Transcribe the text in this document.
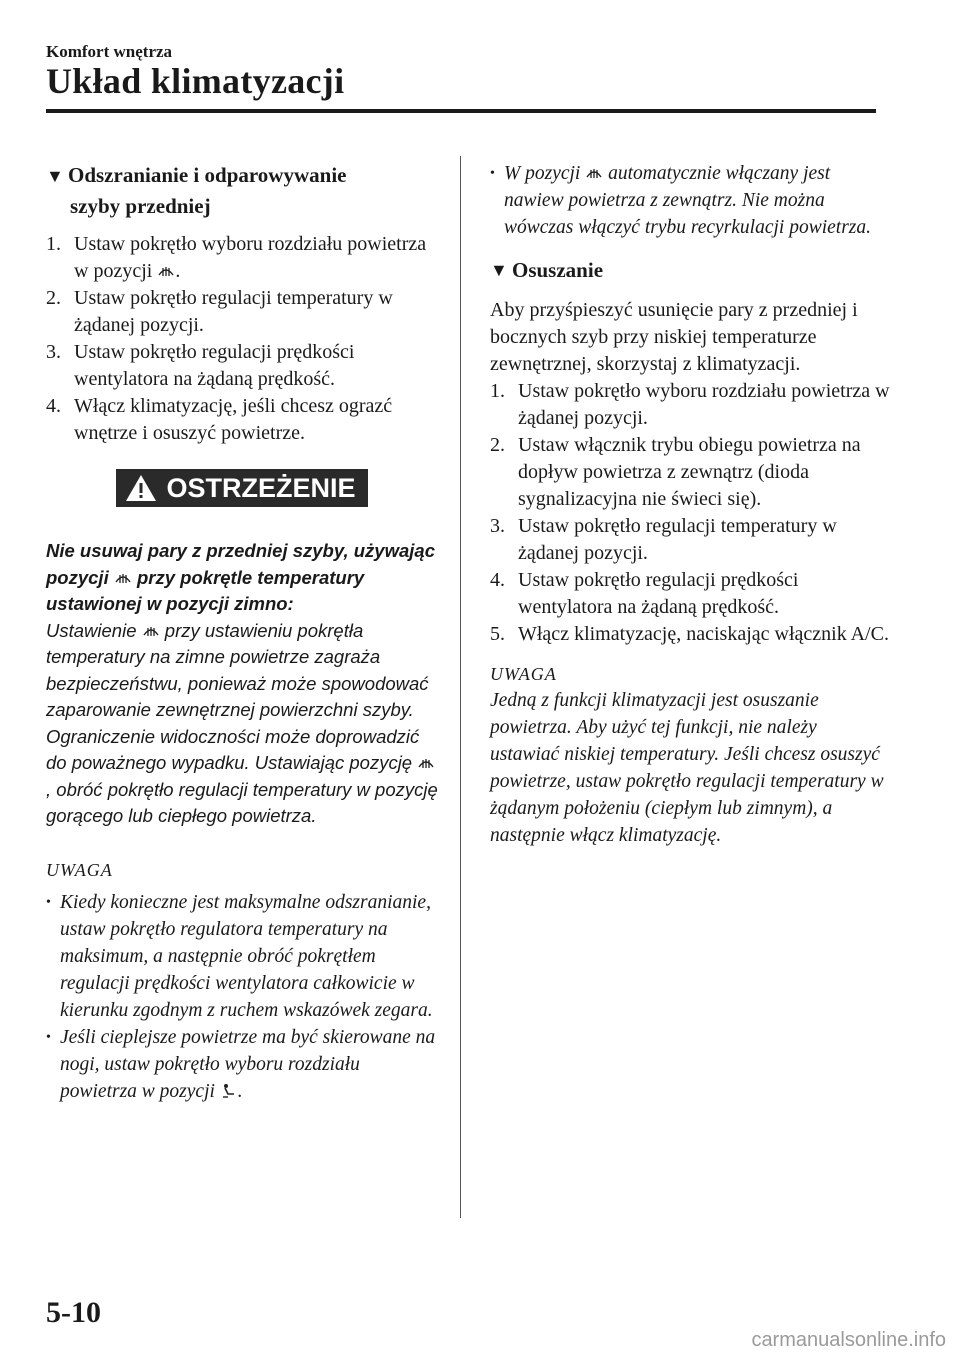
Komfort wnętrza
Układ klimatyzacji
▼ Odszranianie i odparowywanie
szyby przedniej
1. Ustaw pokrętło wyboru rozdziału powietrza w pozycji .
2. Ustaw pokrętło regulacji temperatury w żądanej pozycji.
3. Ustaw pokrętło regulacji prędkości wentylatora na żądaną prędkość.
4. Włącz klimatyzację, jeśli chcesz ograzć wnętrze i osuszyć powietrze.
OSTRZEŻENIE
Nie usuwaj pary z przedniej szyby, używając pozycji  przy pokrętle temperatury ustawionej w pozycji zimno:
Ustawienie  przy ustawieniu pokrętła temperatury na zimne powietrze zagraża bezpieczeństwu, ponieważ może spowodować zaparowanie zewnętrznej powierzchni szyby. Ograniczenie widoczności może doprowadzić do poważnego wypadku. Ustawiając pozycję , obróć pokrętło regulacji temperatury w pozycję gorącego lub ciepłego powietrza.
UWAGA
• Kiedy konieczne jest maksymalne odszranianie, ustaw pokrętło regulatora temperatury na maksimum, a następnie obróć pokrętłem regulacji prędkości wentylatora całkowicie w kierunku zgodnym z ruchem wskazówek zegara.
• Jeśli cieplejsze powietrze ma być skierowane na nogi, ustaw pokrętło wyboru rozdziału powietrza w pozycji .
• W pozycji  automatycznie włączany jest nawiew powietrza z zewnątrz. Nie można wówczas włączyć trybu recyrkulacji powietrza.
▼ Osuszanie
Aby przyśpieszyć usunięcie pary z przedniej i bocznych szyb przy niskiej temperaturze zewnętrznej, skorzystaj z klimatyzacji.
1. Ustaw pokrętło wyboru rozdziału powietrza w żądanej pozycji.
2. Ustaw włącznik trybu obiegu powietrza na dopływ powietrza z zewnątrz (dioda sygnalizacyjna nie świeci się).
3. Ustaw pokrętło regulacji temperatury w żądanej pozycji.
4. Ustaw pokrętło regulacji prędkości wentylatora na żądaną prędkość.
5. Włącz klimatyzację, naciskając włącznik A/C.
UWAGA
Jedną z funkcji klimatyzacji jest osuszanie powietrza. Aby użyć tej funkcji, nie należy ustawiać niskiej temperatury. Jeśli chcesz osuszyć powietrze, ustaw pokrętło regulacji temperatury w żądanym położeniu (ciepłym lub zimnym), a następnie włącz klimatyzację.
5-10
carmanualsonline.info
